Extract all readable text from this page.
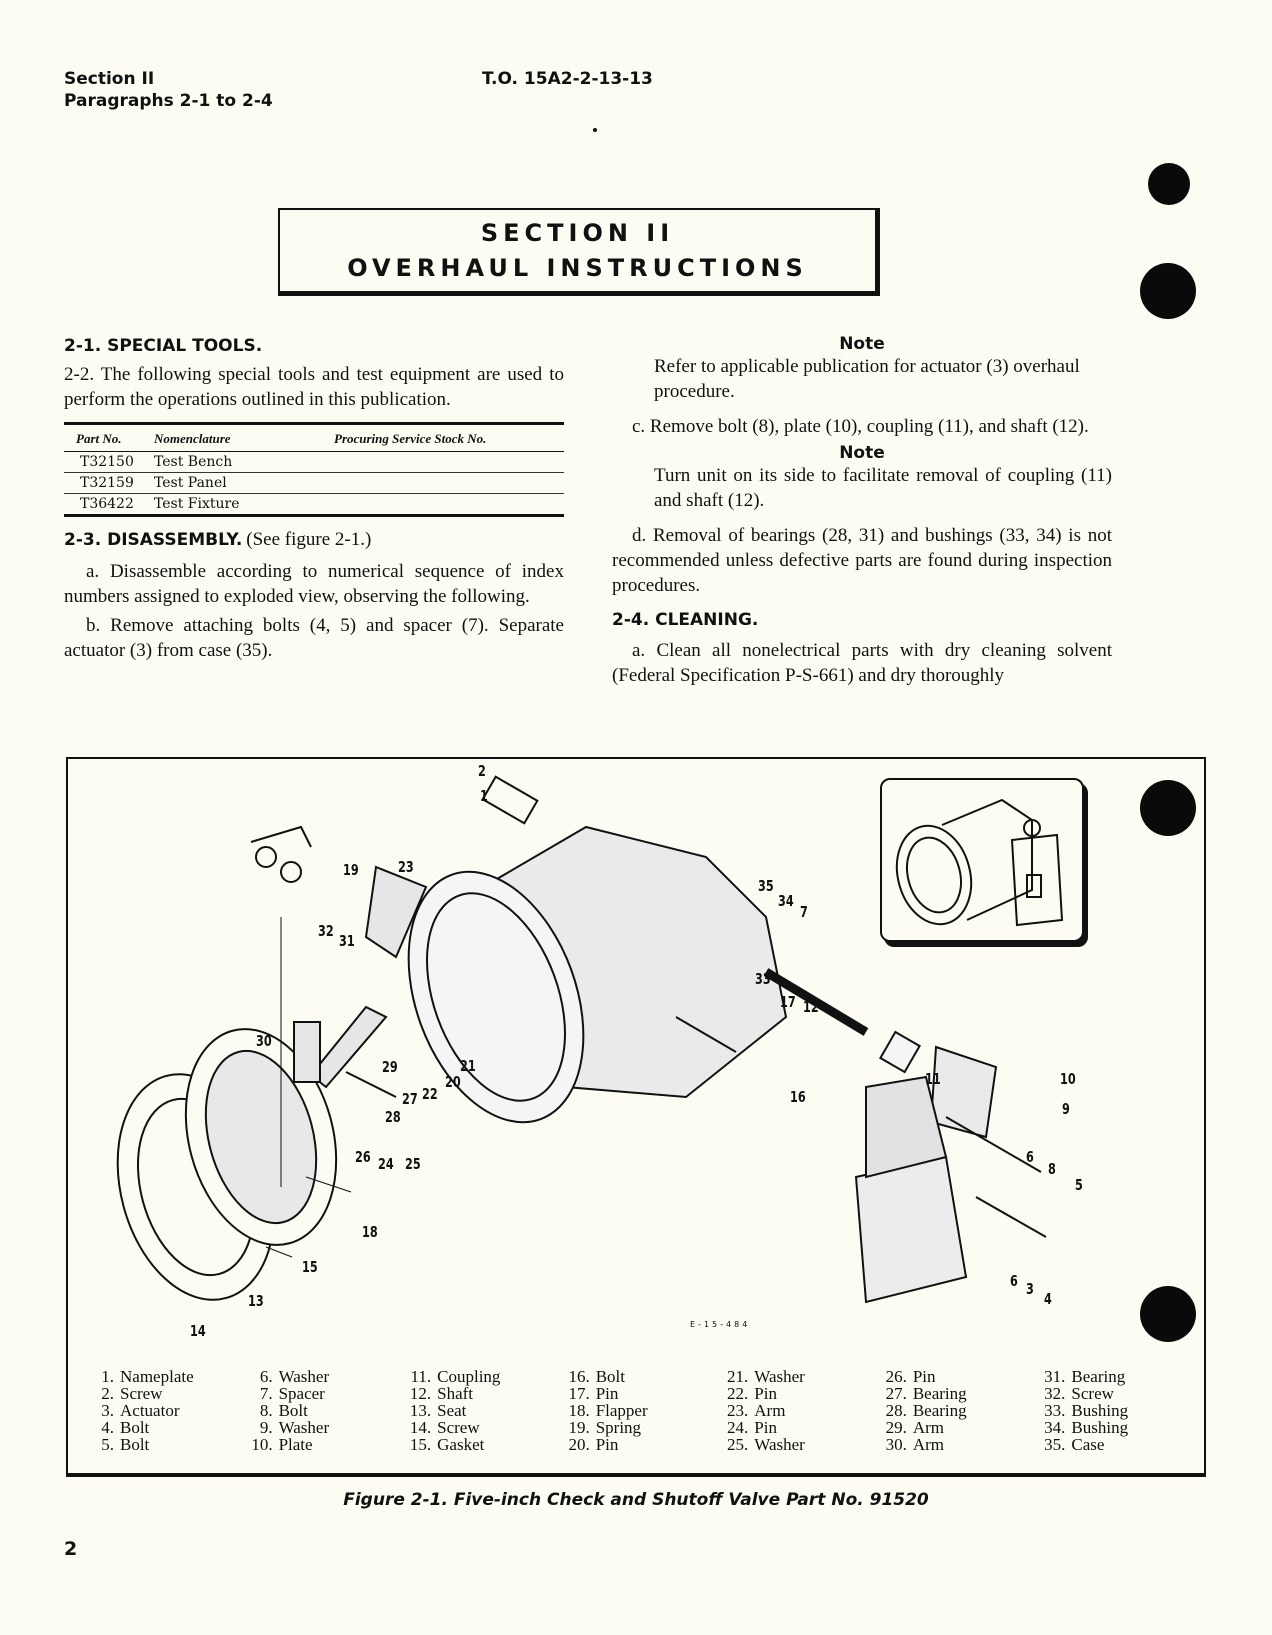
Section II
Paragraphs 2-1 to 2-4
T.O. 15A2-2-13-13
SECTION II
OVERHAUL INSTRUCTIONS
2-1. SPECIAL TOOLS.
2-2. The following special tools and test equipment are used to perform the operations outlined in this publication.
Part No.	Nomenclature	Procuring Service Stock No.
T32150	Test Bench	
T32159	Test Panel	
T36422	Test Fixture	
2-3. DISASSEMBLY. (See figure 2-1.)
a. Disassemble according to numerical sequence of index numbers assigned to exploded view, observing the following.
b. Remove attaching bolts (4, 5) and spacer (7). Separate actuator (3) from case (35).
Note
Refer to applicable publication for actuator (3) overhaul procedure.
c. Remove bolt (8), plate (10), coupling (11), and shaft (12).
Note
Turn unit on its side to facilitate removal of coupling (11) and shaft (12).
d. Removal of bearings (28, 31) and bushings (33, 34) is not recommended unless defective parts are found during inspection procedures.
2-4. CLEANING.
a. Clean all nonelectrical parts with dry cleaning solvent (Federal Specification P-S-661) and dry thoroughly
2
1
19	23
32
31
30
29
27
28
22
20
21
26 24 25
18
15
13
14
35
34
7
33
17 12
16
11	10
9
8
6
5
6 3
4
E-15-484
1. Nameplate
2. Screw
3. Actuator
4. Bolt
5. Bolt
6. Washer
7. Spacer
8. Bolt
9. Washer
10. Plate
11. Coupling
12. Shaft
13. Seat
14. Screw
15. Gasket
16. Bolt
17. Pin
18. Flapper
19. Spring
20. Pin
21. Washer
22. Pin
23. Arm
24. Pin
25. Washer
26. Pin
27. Bearing
28. Bearing
29. Arm
30. Arm
31. Bearing
32. Screw
33. Bushing
34. Bushing
35. Case
Figure 2-1. Five-inch Check and Shutoff Valve Part No. 91520
2
